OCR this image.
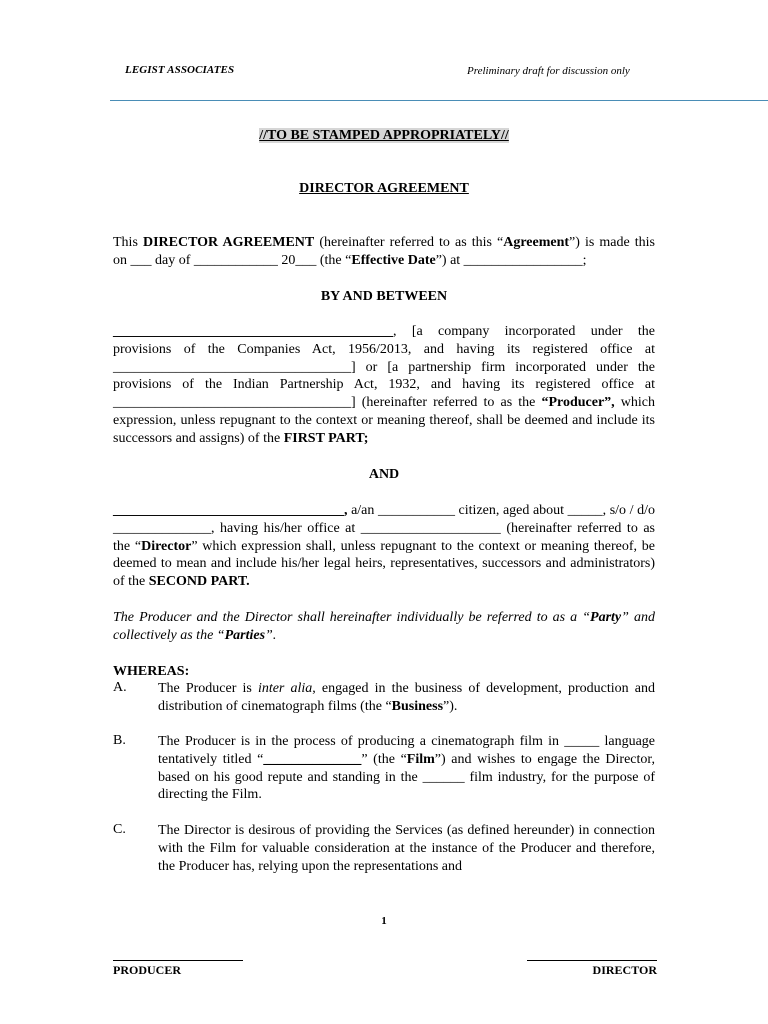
LEGIST ASSOCIATES	Preliminary draft for discussion only
//TO BE STAMPED APPROPRIATELY//
DIRECTOR AGREEMENT
This DIRECTOR AGREEMENT (hereinafter referred to as this “Agreement”) is made this on ___ day of ____________ 20___ (the “Effective Date”) at _________________;
BY AND BETWEEN
________________________________________, [a company incorporated under the provisions of the Companies Act, 1956/2013, and having its registered office at __________________________________] or [a partnership firm incorporated under the provisions of the Indian Partnership Act, 1932, and having its registered office at __________________________________] (hereinafter referred to as the “Producer”, which expression, unless repugnant to the context or meaning thereof, shall be deemed and include its successors and assigns) of the FIRST PART;
AND
_________________________________, a/an ___________ citizen, aged about _____, s/o / d/o ______________, having his/her office at ____________________ (hereinafter referred to as the “Director” which expression shall, unless repugnant to the context or meaning thereof, be deemed to mean and include his/her legal heirs, representatives, successors and administrators) of the SECOND PART.
The Producer and the Director shall hereinafter individually be referred to as a “Party” and collectively as the “Parties”.
WHEREAS:
A. The Producer is inter alia, engaged in the business of development, production and distribution of cinematograph films (the “Business”).
B. The Producer is in the process of producing a cinematograph film in _____ language tentatively titled “______________” (the “Film”) and wishes to engage the Director, based on his good repute and standing in the ______ film industry, for the purpose of directing the Film.
C. The Director is desirous of providing the Services (as defined hereunder) in connection with the Film for valuable consideration at the instance of the Producer and therefore, the Producer has, relying upon the representations and
1
PRODUCER	DIRECTOR
